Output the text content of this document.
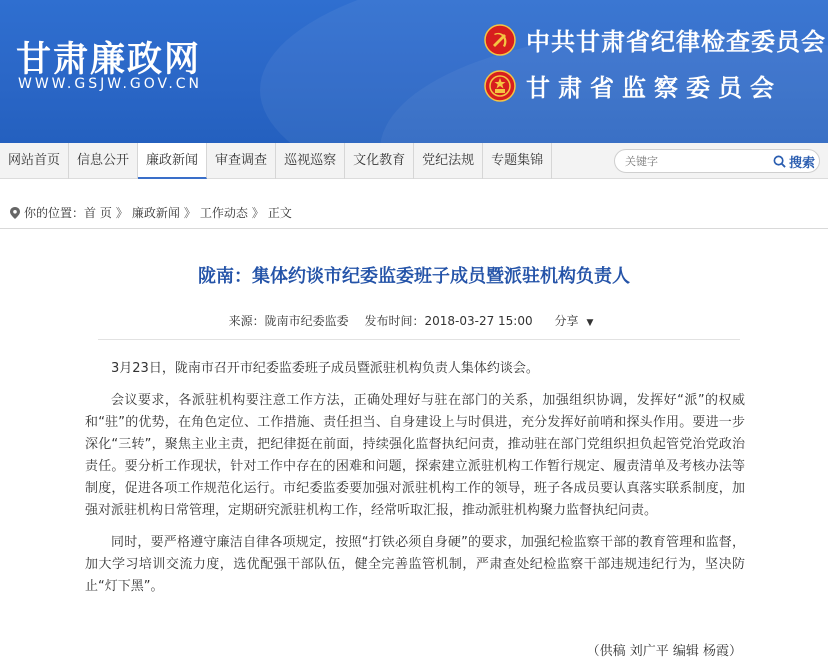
甘肃廉政网
WWW.GSJW.GOV.CN
中共甘肃省纪律检查委员会
甘肃省监察委员会
网站首页	信息公开	廉政新闻	审查调查	巡视巡察	文化教育	党纪法规	专题集锦
关键字	搜索
你的位置： 首 页 》 廉政新闻 》 工作动态 》 正文
陇南：集体约谈市纪委监委班子成员暨派驻机构负责人
来源：陇南市纪委监委 发布时间：2018-03-27 15:00 分享 ▼

3月23日，陇南市召开市纪委监委班子成员暨派驻机构负责人集体约谈会。

会议要求，各派驻机构要注意工作方法，正确处理好与驻在部门的关系，加强组织协调，发挥好“派”的权威和“驻”的优势，在角色定位、工作措施、责任担当、自身建设上与时俱进，充分发挥好前哨和探头作用。要进一步深化“三转”，聚焦主业主责，把纪律挺在前面，持续强化监督执纪问责，推动驻在部门党组织担负起管党治党政治责任。要分析工作现状，针对工作中存在的困难和问题，探索建立派驻机构工作暂行规定、履责清单及考核办法等制度，促进各项工作规范化运行。市纪委监委要加强对派驻机构工作的领导，班子各成员要认真落实联系制度，加强对派驻机构日常管理，定期研究派驻机构工作，经常听取汇报，推动派驻机构聚力监督执纪问责。

同时，要严格遵守廉洁自律各项规定，按照“打铁必须自身硬”的要求，加强纪检监察干部的教育管理和监督，加大学习培训交流力度，选优配强干部队伍，健全完善监管机制，严肃查处纪检监察干部违规违纪行为，坚决防止“灯下黑”。

（供稿 刘广平 编辑 杨霞）
